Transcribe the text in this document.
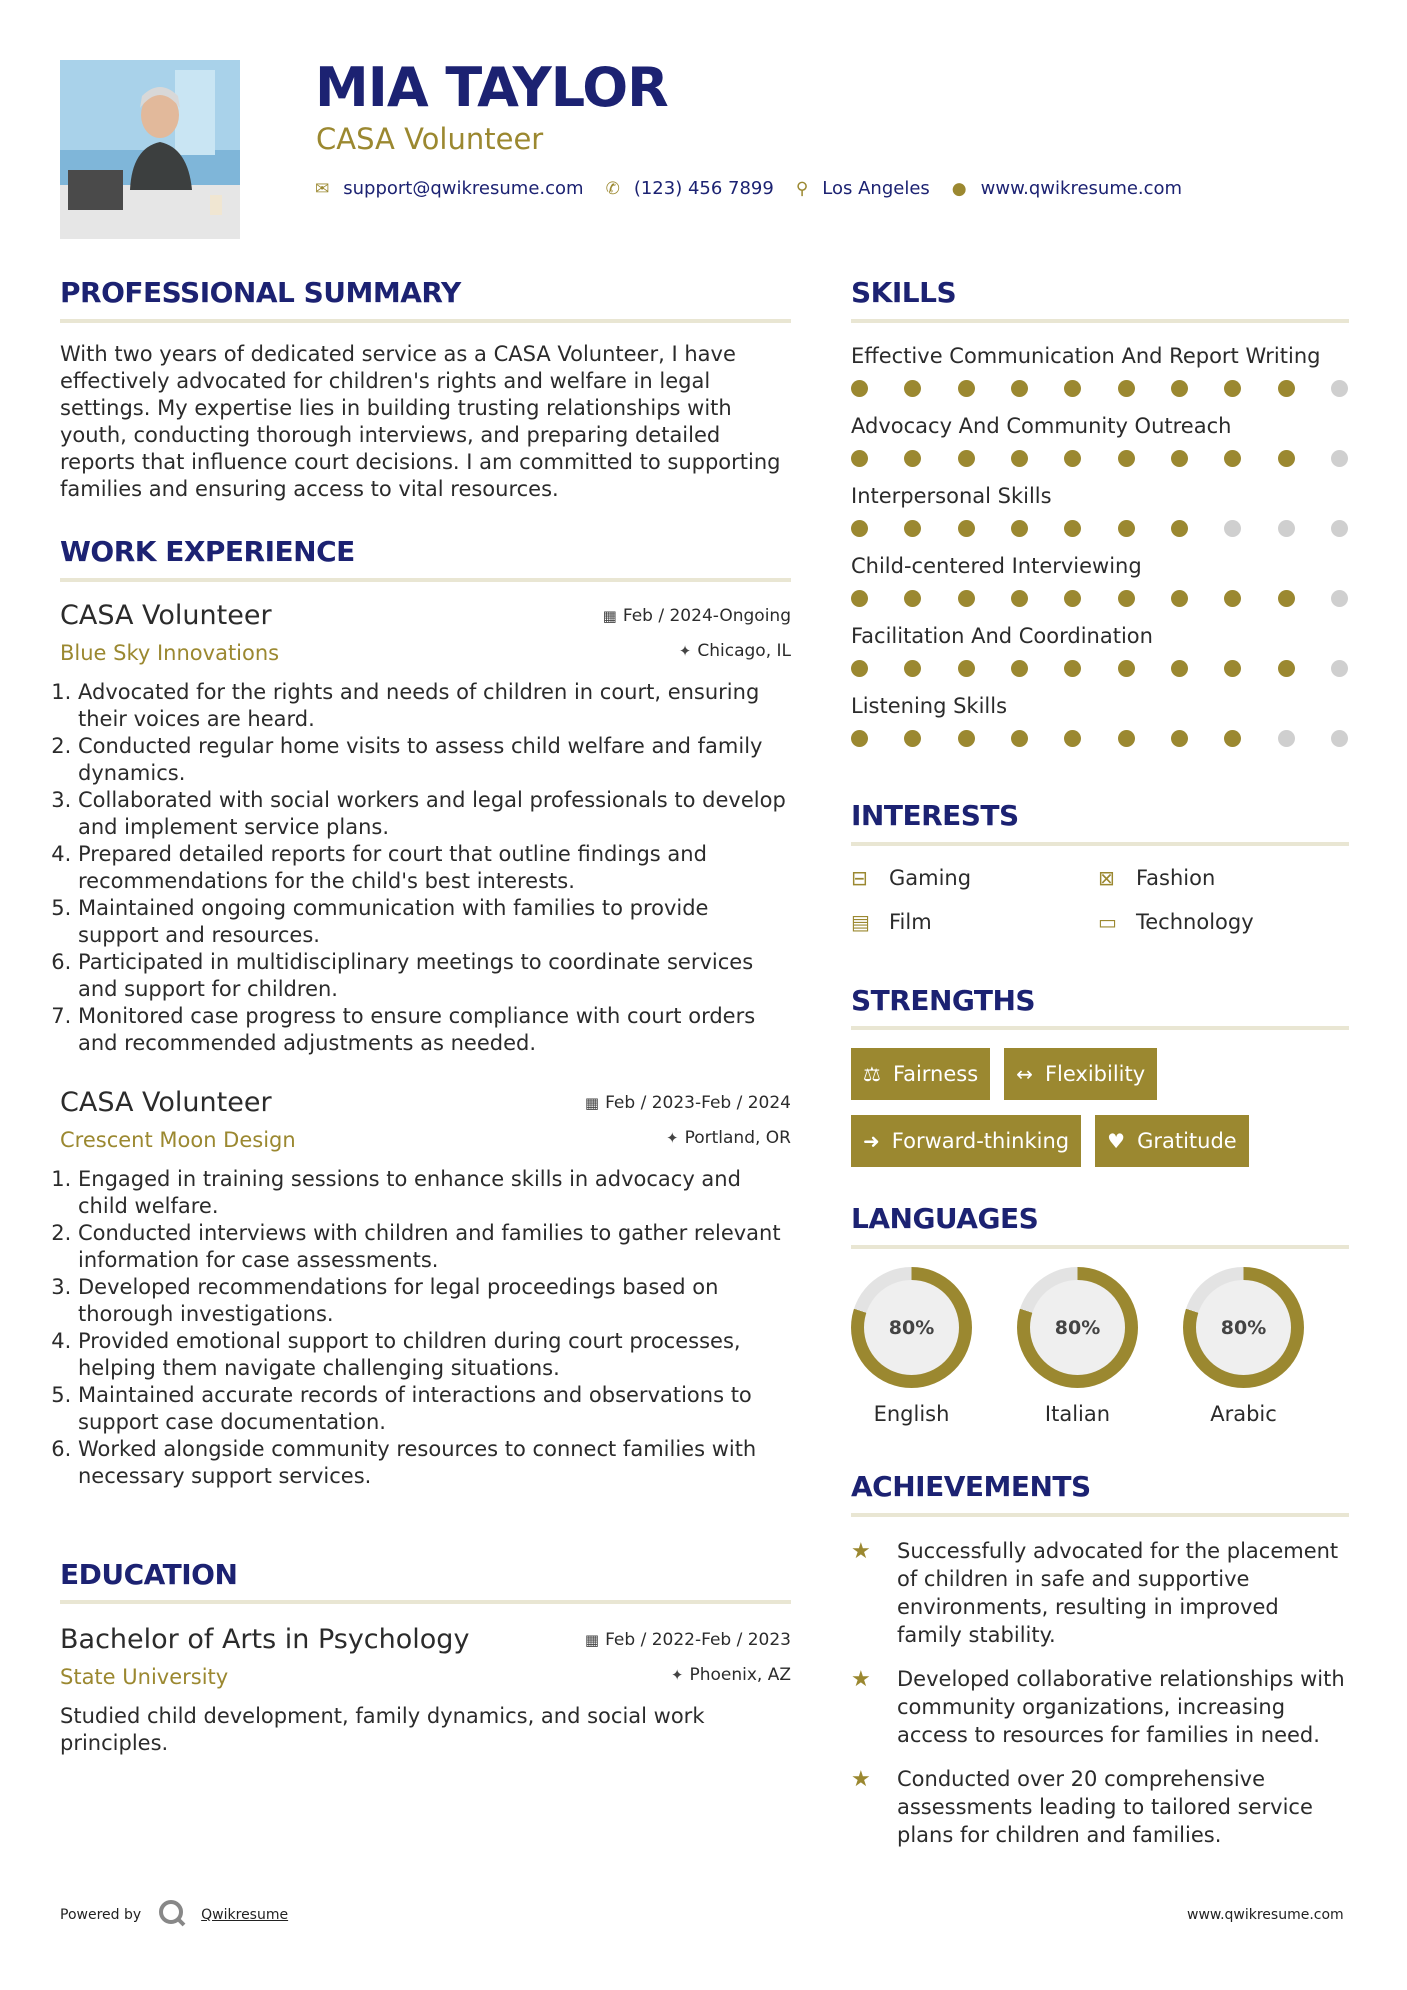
MIA TAYLOR
CASA Volunteer
✉ support@qwikresume.com ✆ (123) 456 7899 ⚲ Los Angeles ● www.qwikresume.com
PROFESSIONAL SUMMARY

With two years of dedicated service as a CASA Volunteer, I have effectively advocated for children's rights and welfare in legal settings. My expertise lies in building trusting relationships with youth, conducting thorough interviews, and preparing detailed reports that influence court decisions. I am committed to supporting families and ensuring access to vital resources.

WORK EXPERIENCE
CASA Volunteer
Blue Sky Innovations
▦ Feb / 2024-Ongoing
✦ Chicago, IL
1. Advocated for the rights and needs of children in court, ensuring their voices are heard.
2. Conducted regular home visits to assess child welfare and family dynamics.
3. Collaborated with social workers and legal professionals to develop and implement service plans.
4. Prepared detailed reports for court that outline findings and recommendations for the child's best interests.
5. Maintained ongoing communication with families to provide support and resources.
6. Participated in multidisciplinary meetings to coordinate services and support for children.
7. Monitored case progress to ensure compliance with court orders and recommended adjustments as needed.
CASA Volunteer
Crescent Moon Design
▦ Feb / 2023-Feb / 2024
✦ Portland, OR
1. Engaged in training sessions to enhance skills in advocacy and child welfare.
2. Conducted interviews with children and families to gather relevant information for case assessments.
3. Developed recommendations for legal proceedings based on thorough investigations.
4. Provided emotional support to children during court processes, helping them navigate challenging situations.
5. Maintained accurate records of interactions and observations to support case documentation.
6. Worked alongside community resources to connect families with necessary support services.
EDUCATION
Bachelor of Arts in Psychology
State University
▦ Feb / 2022-Feb / 2023
✦ Phoenix, AZ

Studied child development, family dynamics, and social work principles.

SKILLS
Effective Communication And Report Writing
Advocacy And Community Outreach
Interpersonal Skills
Child-centered Interviewing
Facilitation And Coordination
Listening Skills
INTERESTS
⊟	Gaming	⊠	Fashion
▤ Film	▭ Technology
STRENGTHS
⚖ Fairness ↔ Flexibility
➜ Forward-thinking ♥ Gratitude
LANGUAGES
80%
English
80%
Italian
80%
Arabic
ACHIEVEMENTS
★	Successfully advocated for the placement of children in safe and supportive environments, resulting in improved family stability.
★	Developed collaborative relationships with community organizations, increasing access to resources for families in need.
★	Conducted over 20 comprehensive assessments leading to tailored service plans for children and families.
Powered by	Qwikresume	www.qwikresume.com
